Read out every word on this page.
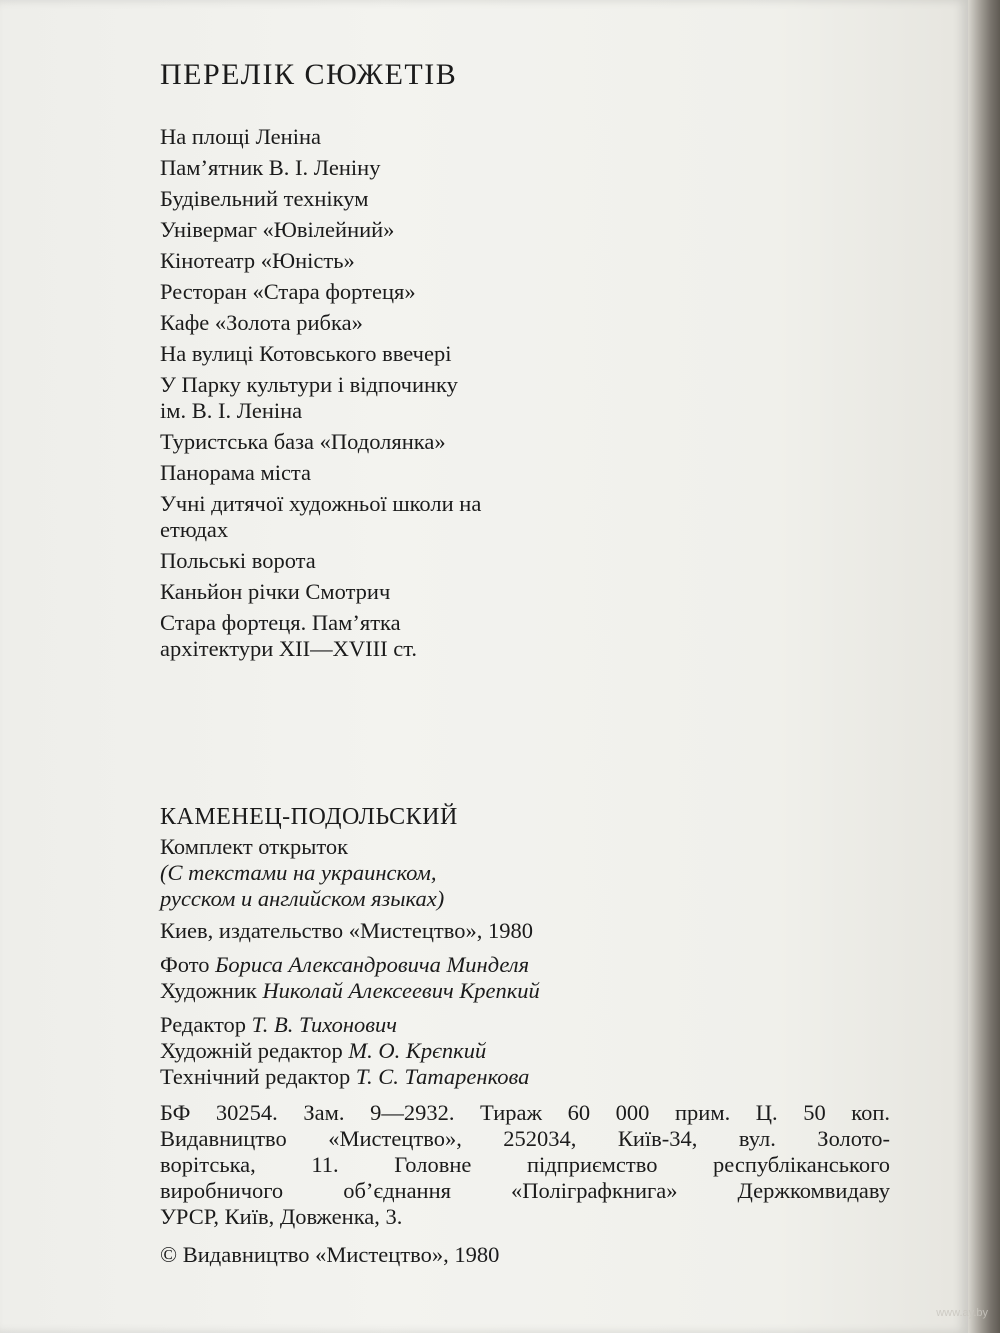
ПЕРЕЛІК СЮЖЕТІВ
На площі Леніна
Пам’ятник В. І. Леніну
Будівельний технікум
Універмаг «Ювілейний»
Кінотеатр «Юність»
Ресторан «Стара фортеця»
Кафе «Золота рибка»
На вулиці Котовського ввечері
У Парку культури і відпочинку
ім. В. І. Леніна
Туристська база «Подолянка»
Панорама міста
Учні дитячої художньої школи на
етюдах
Польські ворота
Каньйон річки Смотрич
Стара фортеця. Пам’ятка
архітектури XII—XVIII ст.
КАМЕНЕЦ-ПОДОЛЬСКИЙ
Комплект открыток
(С текстами на украинском,
русском и английском языках)
Киев, издательство «Мистецтво», 1980
Фото Бориса Александровича Минделя
Художник Николай Алексеевич Крепкий
Редактор Т. В. Тихонович
Художній редактор М. О. Крєпкий
Технічний редактор Т. С. Татаренкова
БФ 30254. Зам. 9—2932. Тираж 60 000 прим. Ц. 50 коп.
Видавництво «Мистецтво», 252034, Київ-34, вул. Золото-
ворітська, 11. Головне підприємство республіканського
виробничого об’єднання «Поліграфкнига» Держкомвидаву
УРСР, Київ, Довженка, 3.
© Видавництво «Мистецтво», 1980
www.ay.by
